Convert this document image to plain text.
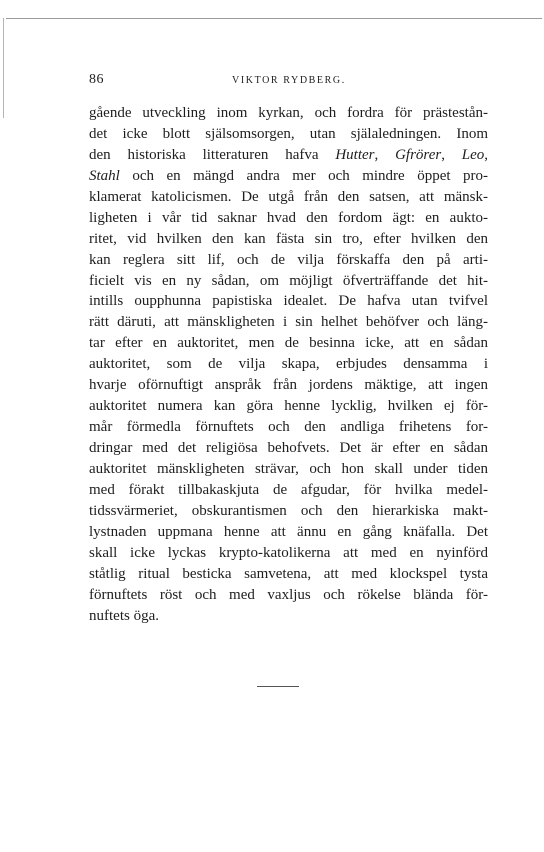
86	VIKTOR RYDBERG.
gående utveckling inom kyrkan, och fordra för prästestån-
det icke blott själsomsorgen, utan själaledningen. Inom
den historiska litteraturen hafva Hutter, Gfrörer, Leo,
Stahl och en mängd andra mer och mindre öppet pro-
klamerat katolicismen. De utgå från den satsen, att mänsk-
ligheten i vår tid saknar hvad den fordom ägt: en aukto-
ritet, vid hvilken den kan fästa sin tro, efter hvilken den
kan reglera sitt lif, och de vilja förskaffa den på arti-
ficielt vis en ny sådan, om möjligt öfverträffande det hit-
intills oupphunna papistiska idealet. De hafva utan tvifvel
rätt däruti, att mänskligheten i sin helhet behöfver och läng-
tar efter en auktoritet, men de besinna icke, att en sådan
auktoritet, som de vilja skapa, erbjudes densamma i
hvarje oförnuftigt anspråk från jordens mäktige, att ingen
auktoritet numera kan göra henne lycklig, hvilken ej för-
mår förmedla förnuftets och den andliga frihetens for-
dringar med det religiösa behofvets. Det är efter en sådan
auktoritet mänskligheten strävar, och hon skall under tiden
med förakt tillbakaskjuta de afgudar, för hvilka medel-
tidssvärmeriet, obskurantismen och den hierarkiska makt-
lystnaden uppmana henne att ännu en gång knäfalla. Det
skall icke lyckas krypto-katolikerna att med en nyinförd
ståtlig ritual besticka samvetena, att med klockspel tysta
förnuftets röst och med vaxljus och rökelse blända för-
nuftets öga.
